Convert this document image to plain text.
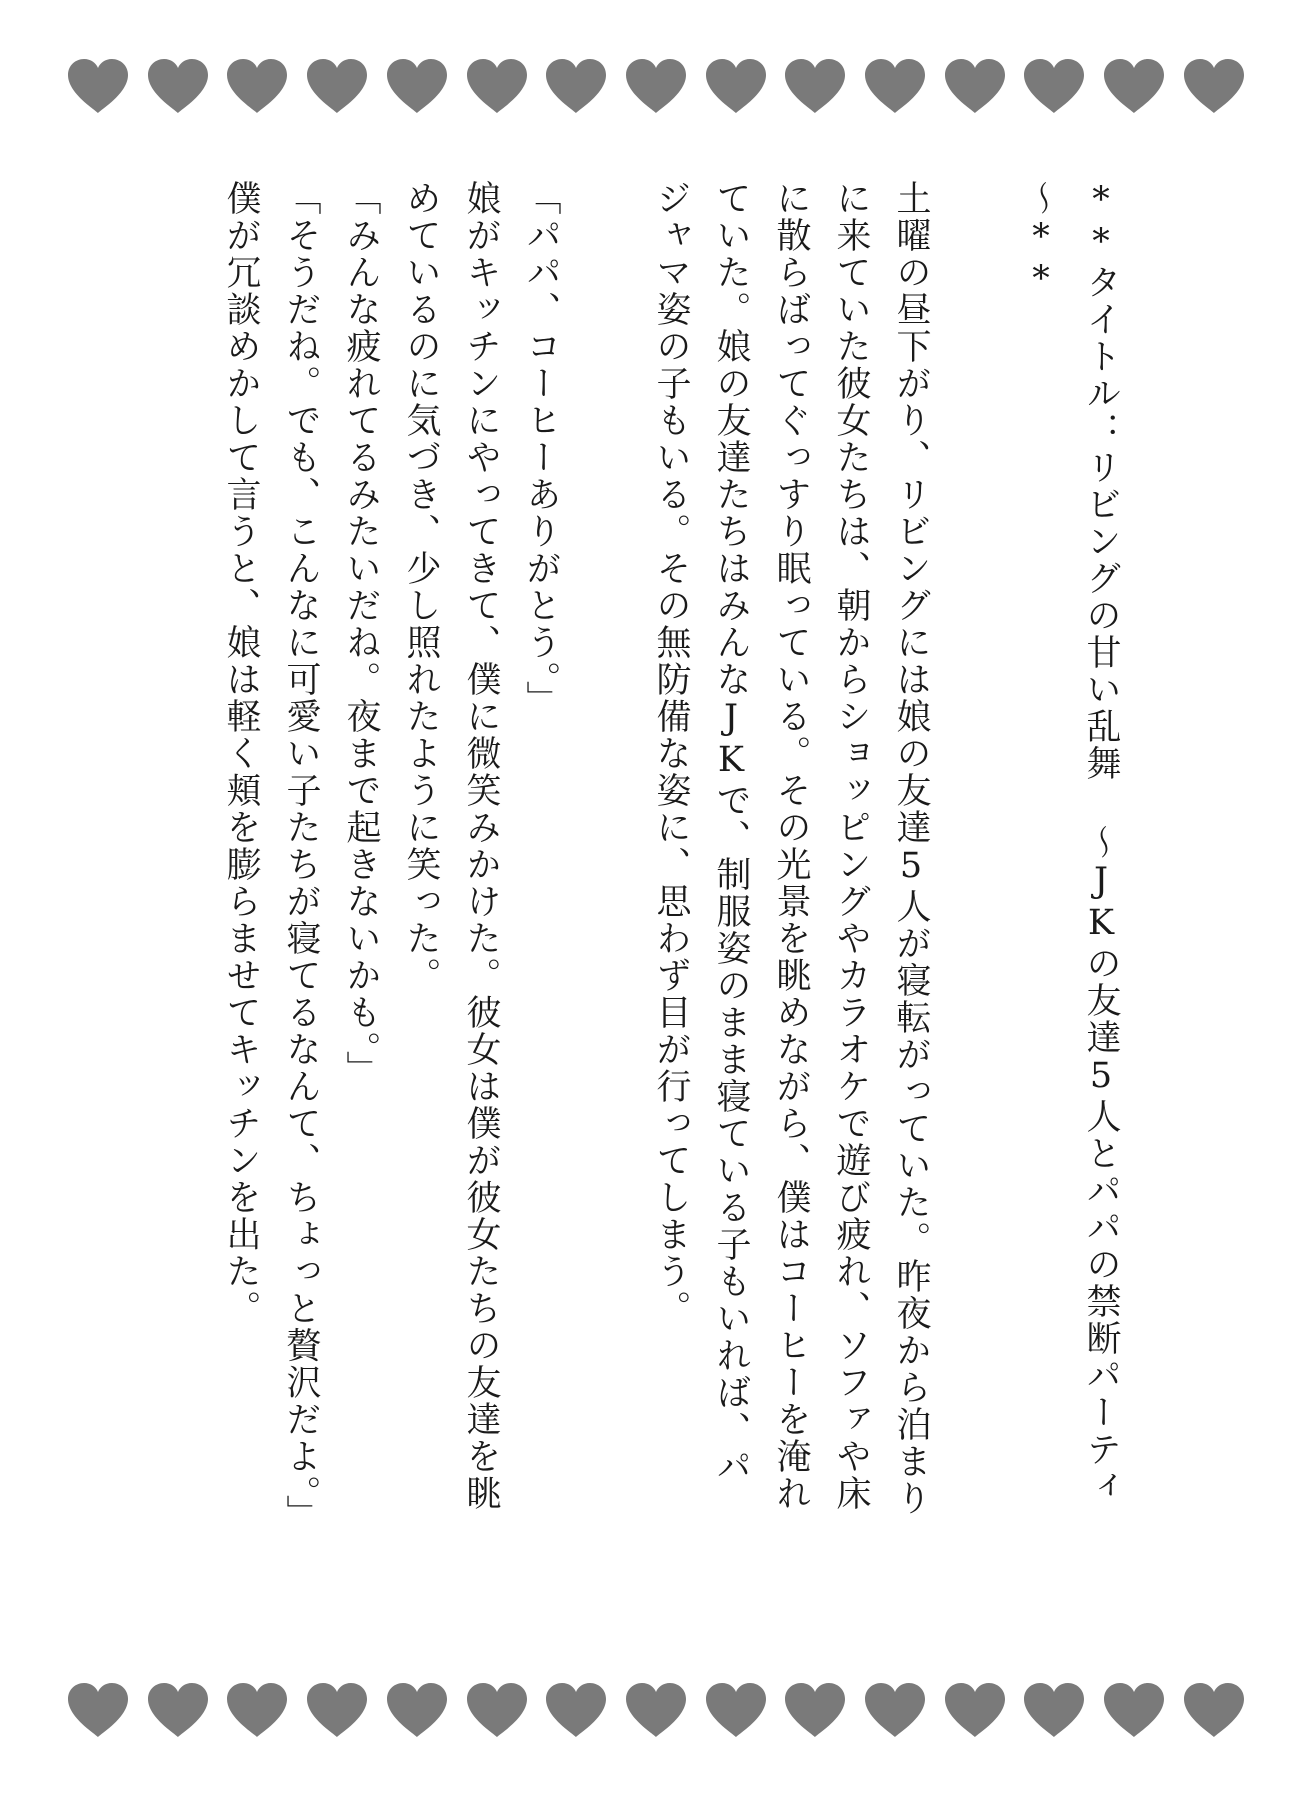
**タイトル：リビングの甘い乱舞 ～JKの友達5人とパパの禁断パーティ～**

土曜の昼下がり、リビングには娘の友達5人が寝転がっていた。昨夜から泊まりに来ていた彼女たちは、朝からショッピングやカラオケで遊び疲れ、ソファや床に散らばってぐっすり眠っている。その光景を眺めながら、僕はコーヒーを淹れていた。娘の友達たちはみんなJKで、制服姿のまま寝ている子もいれば、パジャマ姿の子もいる。その無防備な姿に、思わず目が行ってしまう。

「パパ、コーヒーありがとう。」

娘がキッチンにやってきて、僕に微笑みかけた。彼女は僕が彼女たちの友達を眺めているのに気づき、少し照れたように笑った。

「みんな疲れてるみたいだね。夜まで起きないかも。」

「そうだね。でも、こんなに可愛い子たちが寝てるなんて、ちょっと贅沢だよ。」

僕が冗談めかして言うと、娘は軽く頬を膨らませてキッチンを出た。
